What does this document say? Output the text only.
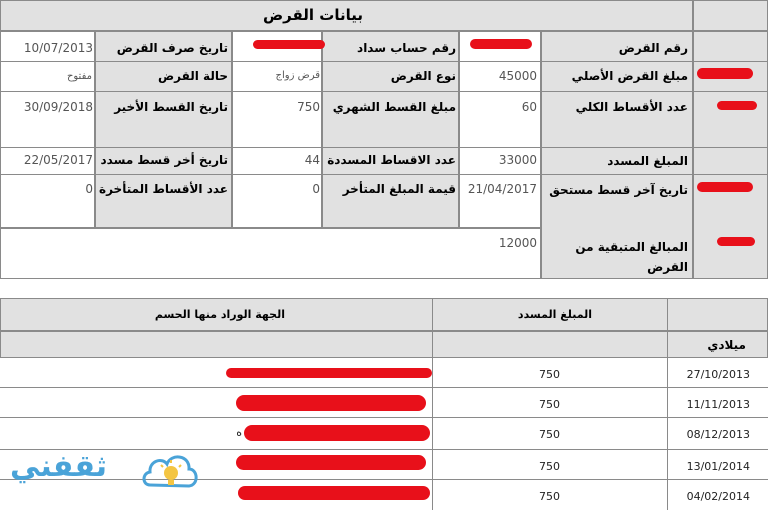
بيانات القرض
رقم القرض
رقم حساب سداد
تاريخ صرف القرض
10/07/2013
مبلغ القرض الأصلي
45000
نوع القرض
قرض زواج
حالة القرض
مفتوح
عدد الأقساط الكلي
60
مبلغ القسط الشهري
750
تاريخ القسط الأخير
30/09/2018
المبلغ المسدد
33000
عدد الاقساط المسددة
44
تاريخ أخر قسط مسدد
22/05/2017
تاريخ آخر قسط مستحق
21/04/2017
قيمة المبلغ المتأخر
0
عدد الأقساط المتأخرة
0
المبالغ المتبقية من
القرض
12000
المبلغ المسدد
الجهة الوراد منها الحسم
ميلادي
27/10/2013
750
11/11/2013
750
08/12/2013
750
ه
13/01/2014
750
04/02/2014
750
ثقفني
